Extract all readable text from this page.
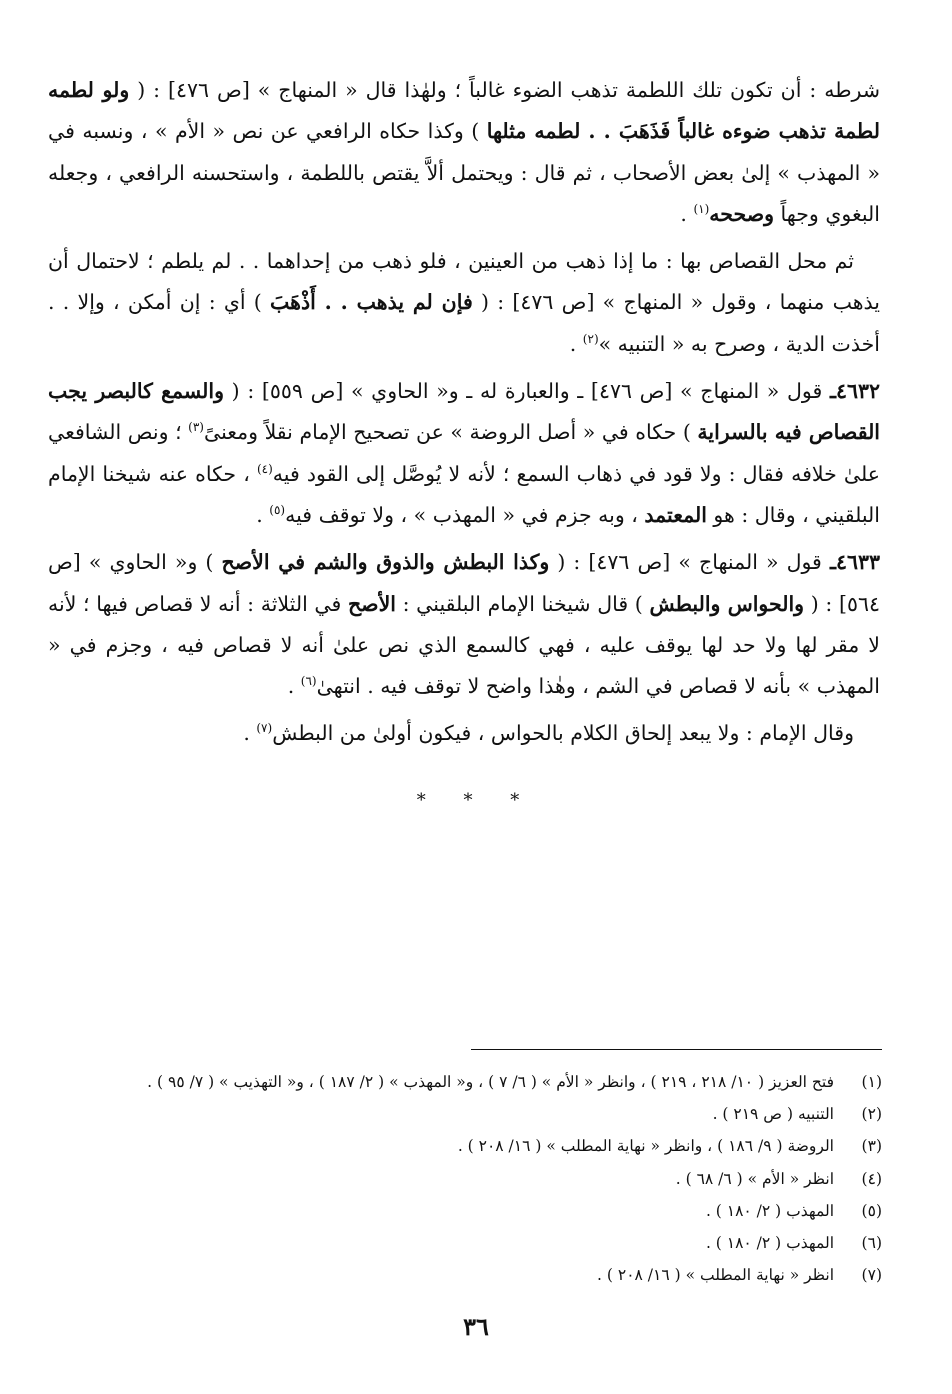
شرطه : أن تكون تلك اللطمة تذهب الضوء غالباً ؛ ولهٰذا قال « المنهاج » [ص ٤٧٦] : ( ولو لطمه لطمة تذهب ضوءه غالباً فَذَهَبَ . . لطمه مثلها ) وكذا حكاه الرافعي عن نص « الأم » ، ونسبه في « المهذب » إلىٰ بعض الأصحاب ، ثم قال : ويحتمل ألاَّ يقتص باللطمة ، واستحسنه الرافعي ، وجعله البغوي وجهاً وصححه$^{(١)}$ .

ثم محل القصاص بها : ما إذا ذهب من العينين ، فلو ذهب من إحداهما . . لم يلطم ؛ لاحتمال أن يذهب منهما ، وقول « المنهاج » [ص ٤٧٦] : ( فإن لم يذهب . . أَذْهَبَ ) أي : إن أمكن ، وإلا . . أخذت الدية ، وصرح به « التنبيه »$^{(٢)}$ .

٤٦٣٢ـ قول « المنهاج » [ص ٤٧٦] ـ والعبارة له ـ و« الحاوي » [ص ٥٥٩] : ( والسمع كالبصر يجب القصاص فيه بالسراية ) حكاه في « أصل الروضة » عن تصحيح الإمام نقلاً ومعنىً$^{(٣)}$ ؛ ونص الشافعي علىٰ خلافه فقال : ولا قود في ذهاب السمع ؛ لأنه لا يُوصَّل إلى القود فيه$^{(٤)}$ ، حكاه عنه شيخنا الإمام البلقيني ، وقال : هو المعتمد ، وبه جزم في « المهذب » ، ولا توقف فيه$^{(٥)}$ .

٤٦٣٣ـ قول « المنهاج » [ص ٤٧٦] : ( وكذا البطش والذوق والشم في الأصح ) و« الحاوي » [ص ٥٦٤] : ( والحواس والبطش ) قال شيخنا الإمام البلقيني : الأصح في الثلاثة : أنه لا قصاص فيها ؛ لأنه لا مقر لها ولا حد لها يوقف عليه ، فهي كالسمع الذي نص علىٰ أنه لا قصاص فيه ، وجزم في « المهذب » بأنه لا قصاص في الشم ، وهٰذا واضح لا توقف فيه . انتهىٰ$^{(٦)}$ .

وقال الإمام : ولا يبعد إلحاق الكلام بالحواس ، فيكون أولىٰ من البطش$^{(٧)}$ .

* * *
(١)
فتح العزيز ( ١٠/ ٢١٨ ، ٢١٩ ) ، وانظر « الأم » ( ٦/ ٧ ) ، و« المهذب » ( ٢/ ١٨٧ ) ، و« التهذيب » ( ٧/ ٩٥ ) .
(٢)
التنبيه ( ص ٢١٩ ) .
(٣)
الروضة ( ٩/ ١٨٦ ) ، وانظر « نهاية المطلب » ( ١٦/ ٢٠٨ ) .
(٤)
انظر « الأم » ( ٦/ ٦٨ ) .
(٥)
المهذب ( ٢/ ١٨٠ ) .
(٦)
المهذب ( ٢/ ١٨٠ ) .
(٧)
انظر « نهاية المطلب » ( ١٦/ ٢٠٨ ) .
٣٦
